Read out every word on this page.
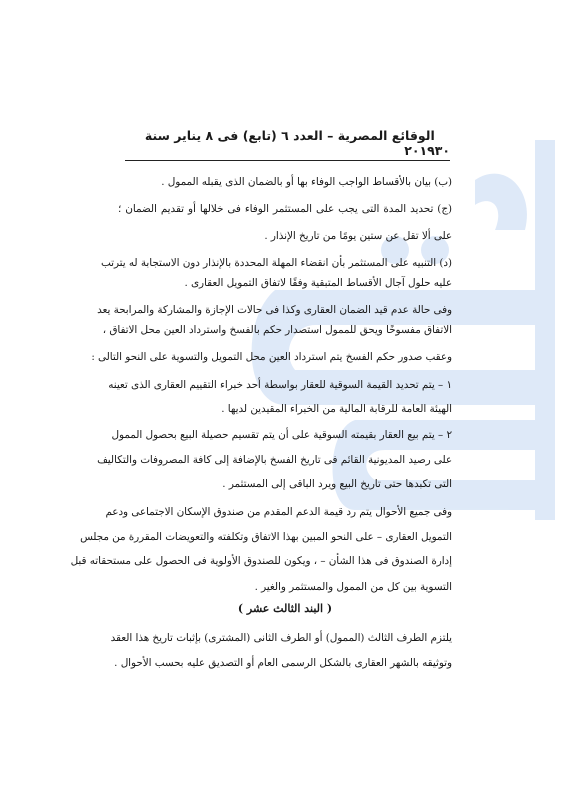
٣٠
الوقائع المصرية – العدد ٦ (تابع) فى ٨ يناير سنة ٢٠١٩
(ب) بيان بالأقساط الواجب الوفاء بها أو بالضمان الذى يقبله الممول .
(ج) تحديد المدة التى يجب على المستثمر الوفاء فى خلالها أو تقديم الضمان ؛
على ألا تقل عن ستين يومًا من تاريخ الإنذار .
(د) التنبيه على المستثمر بأن انقضاء المهلة المحددة بالإنذار دون الاستجابة له يترتب
عليه حلول آجال الأقساط المتبقية وفقًا لاتفاق التمويل العقارى .
وفى حالة عدم قيد الضمان العقارى وكذا فى حالات الإجازة والمشاركة والمرابحة يعد
الاتفاق مفسوخًا ويحق للممول استصدار حكم بالفسخ واسترداد العين محل الاتفاق ،
وعقب صدور حكم الفسخ يتم استرداد العين محل التمويل والتسوية على النحو التالى :
١ – يتم تحديد القيمة السوقية للعقار بواسطة أحد خبراء التقييم العقارى الذى تعينه
الهيئة العامة للرقابة المالية من الخبراء المقيدين لديها .
٢ – يتم بيع العقار بقيمته السوقية على أن يتم تقسيم حصيلة البيع بحصول الممول
على رصيد المديونية القائم فى تاريخ الفسخ بالإضافة إلى كافة المصروفات والتكاليف
التى تكبدها حتى تاريخ البيع ويرد الباقى إلى المستثمر .
وفى جميع الأحوال يتم رد قيمة الدعم المقدم من صندوق الإسكان الاجتماعى ودعم
التمويل العقارى – على النحو المبين بهذا الاتفاق وتكلفته والتعويضات المقررة من مجلس
إدارة الصندوق فى هذا الشأن – ، ويكون للصندوق الأولوية فى الحصول على مستحقاته قبل
التسوية بين كل من الممول والمستثمر والغير .
( البند الثالث عشر )
يلتزم الطرف الثالث (الممول) أو الطرف الثانى (المشترى) بإثبات تاريخ هذا العقد
وتوثيقه بالشهر العقارى بالشكل الرسمى العام أو التصديق عليه بحسب الأحوال .
